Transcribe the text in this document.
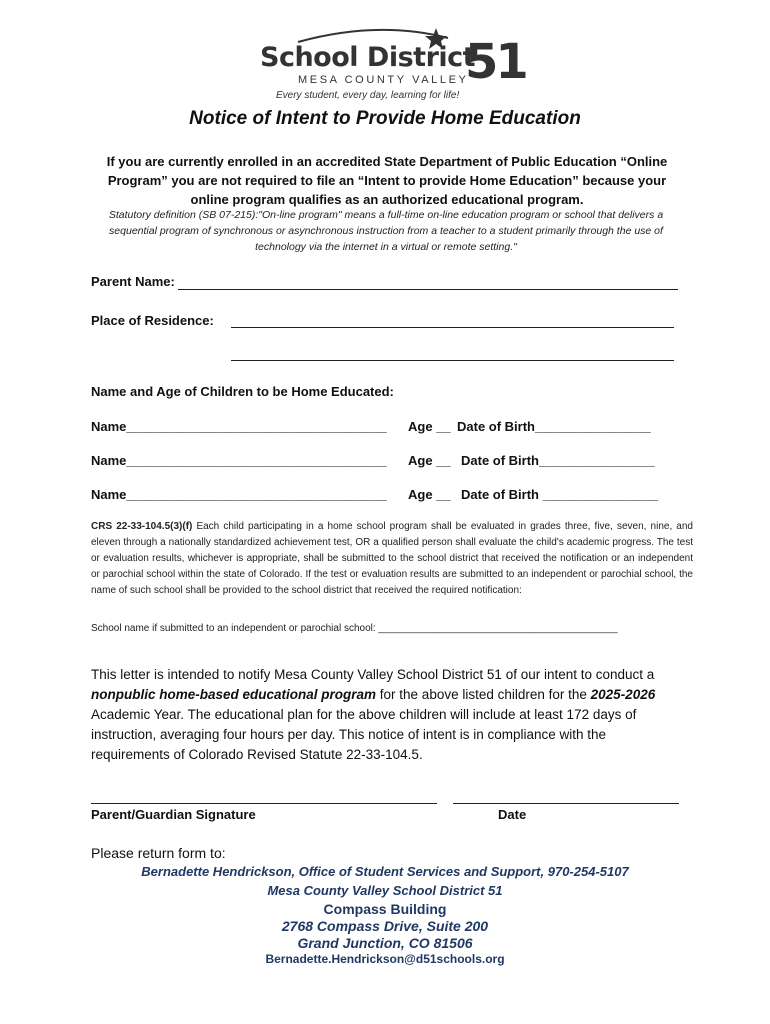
School District
51
MESA COUNTY VALLEY
Every student, every day, learning for life!
Notice of Intent to Provide Home Education
If you are currently enrolled in an accredited State Department of Public Education “Online Program” you are not required to file an “Intent to provide Home Education” because your online program qualifies as an authorized educational program.
Statutory definition (SB 07-215):"On-line program" means a full-time on-line education program or school that delivers a sequential program of synchronous or asynchronous instruction from a teacher to a student primarily through the use of technology via the internet in a virtual or remote setting."
Parent Name:
Place of Residence:
Name and Age of Children to be Home Educated:
Name____________________________________ Age __ Date of Birth________________
Name____________________________________ Age __ Date of Birth________________
Name____________________________________ Age __ Date of Birth ________________
CRS 22-33-104.5(3)(f) Each child participating in a home school program shall be evaluated in grades three, five, seven, nine, and eleven through a nationally standardized achievement test, OR a qualified person shall evaluate the child's academic progress. The test or evaluation results, whichever is appropriate, shall be submitted to the school district that received the notification or an independent or parochial school within the state of Colorado. If the test or evaluation results are submitted to an independent or parochial school, the name of such school shall be provided to the school district that received the required notification:
School name if submitted to an independent or parochial school: ___________________________________________
This letter is intended to notify Mesa County Valley School District 51 of our intent to conduct a nonpublic home-based educational program for the above listed children for the 2025-2026 Academic Year. The educational plan for the above children will include at least 172 days of instruction, averaging four hours per day. This notice of intent is in compliance with the requirements of Colorado Revised Statute 22-33-104.5.
Parent/Guardian Signature	Date
Please return form to:
Bernadette Hendrickson, Office of Student Services and Support, 970-254-5107
Mesa County Valley School District 51
Compass Building
2768 Compass Drive, Suite 200
Grand Junction, CO 81506
Bernadette.Hendrickson@d51schools.org
